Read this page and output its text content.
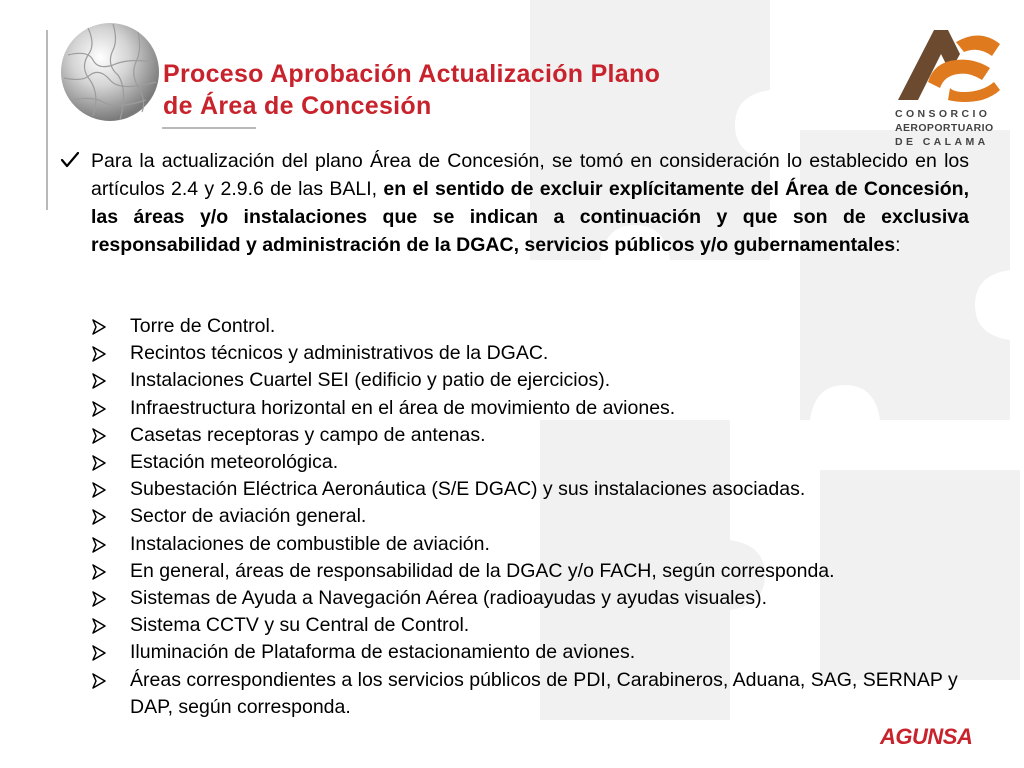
Proceso Aprobación Actualización Plano
de Área de Concesión	CONSORCIO
AEROPORTUARIO
DE CALAMA
Para la actualización del plano Área de Concesión, se tomó en consideración lo establecido en los artículos 2.4 y 2.9.6 de las BALI, en el sentido de excluir explícitamente del Área de Concesión, las áreas y/o instalaciones que se indican a continuación y que son de exclusiva responsabilidad y administración de la DGAC, servicios públicos y/o gubernamentales:
Torre de Control.
Recintos técnicos y administrativos de la DGAC.
Instalaciones Cuartel SEI (edificio y patio de ejercicios).
Infraestructura horizontal en el área de movimiento de aviones.
Casetas receptoras y campo de antenas.
Estación meteorológica.
Subestación Eléctrica Aeronáutica (S/E DGAC) y sus instalaciones asociadas.
Sector de aviación general.
Instalaciones de combustible de aviación.
En general, áreas de responsabilidad de la DGAC y/o FACH, según corresponda.
Sistemas de Ayuda a Navegación Aérea (radioayudas y ayudas visuales).
Sistema CCTV y su Central de Control.
Iluminación de Plataforma de estacionamiento de aviones.
Áreas correspondientes a los servicios públicos de PDI, Carabineros, Aduana, SAG, SERNAP y DAP, según corresponda.
AGUNSA
